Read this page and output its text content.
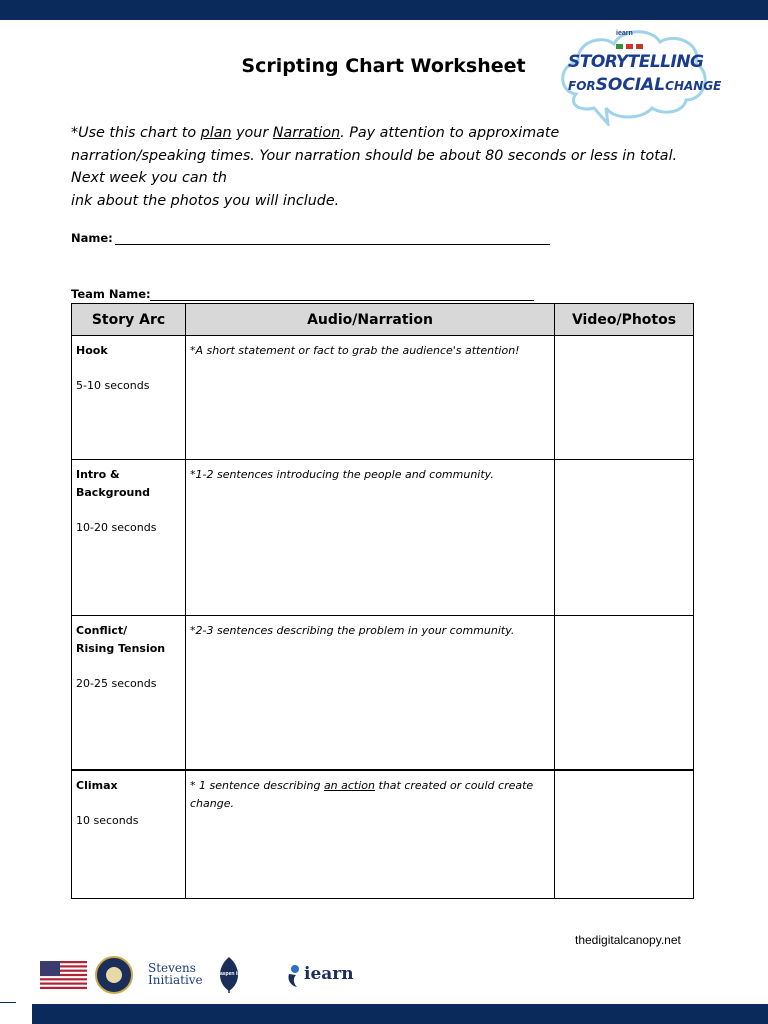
Scripting Chart Worksheet
iearn
STORYTELLING
FORSOCIALCHANGE

*Use this chart to plan your Narration. Pay attention to approximate

narration/speaking times. Your narration should be about 80 seconds or less in total.

Next week you can th

ink about the photos you will include.

Name:
Team Name:
Story Arc	Audio/Narration	Video/Photos

Hook
5-10 seconds	*A short statement or fact to grab the audience's attention!	

Intro &
Background
10-20 seconds	*1-2 sentences introducing the people and community.	

Conflict/
Rising Tension
20-25 seconds	*2-3 sentences describing the problem in your community.	

Climax
10 seconds	* 1 sentence describing an action that created or could create change.	

thedigitalcanopy.net
Stevens
Initiative	aspen institute	iearn
